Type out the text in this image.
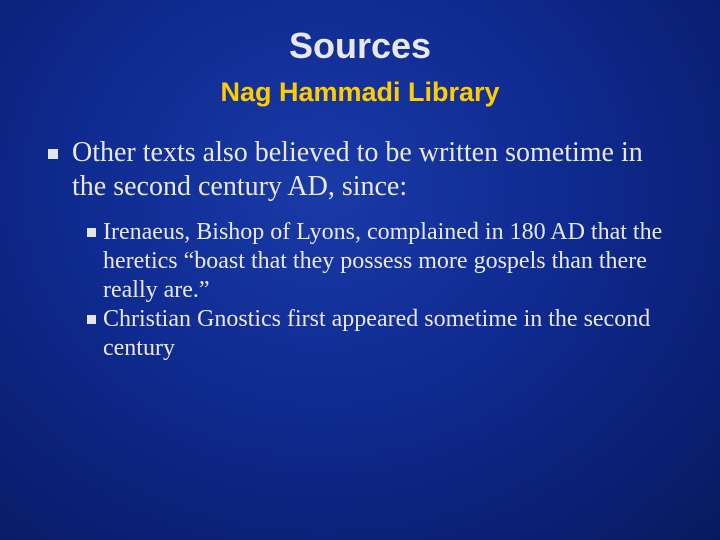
Sources
Nag Hammadi Library
Other texts also believed to be written sometime in the second century AD, since:
Irenaeus, Bishop of Lyons, complained in 180 AD that the heretics “boast that they possess more gospels than there really are.”
Christian Gnostics first appeared sometime in the second century
